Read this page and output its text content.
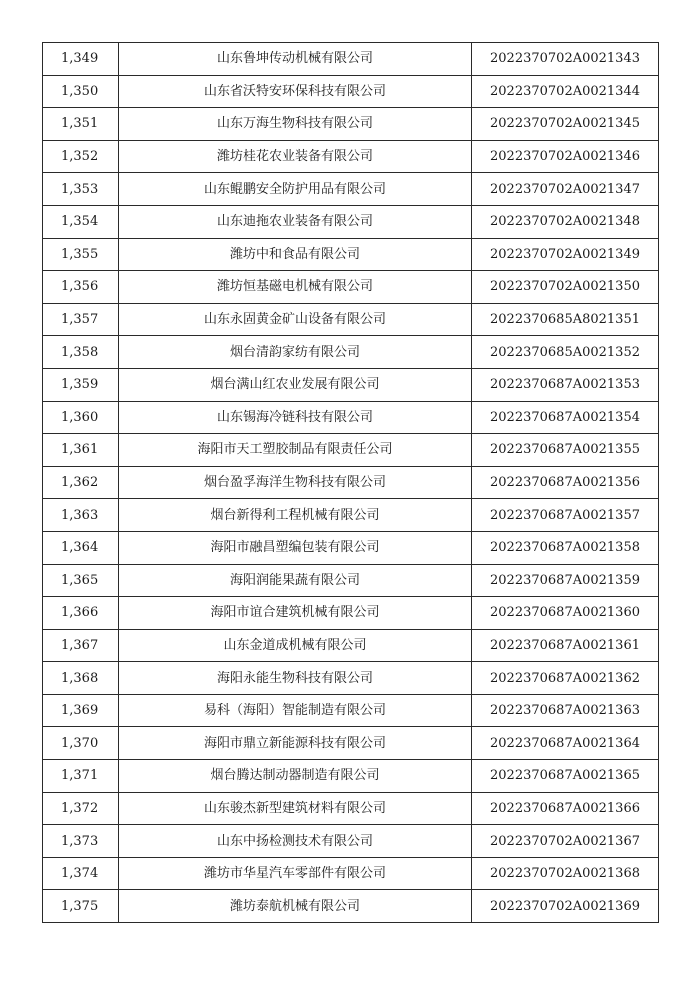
1,349	山东鲁坤传动机械有限公司	2022370702A0021343
1,350	山东省沃特安环保科技有限公司	2022370702A0021344
1,351	山东万海生物科技有限公司	2022370702A0021345
1,352	潍坊桂花农业装备有限公司	2022370702A0021346
1,353	山东鲲鹏安全防护用品有限公司	2022370702A0021347
1,354	山东迪拖农业装备有限公司	2022370702A0021348
1,355	潍坊中和食品有限公司	2022370702A0021349
1,356	潍坊恒基磁电机械有限公司	2022370702A0021350
1,357	山东永固黄金矿山设备有限公司	2022370685A8021351
1,358	烟台清韵家纺有限公司	2022370685A0021352
1,359	烟台满山红农业发展有限公司	2022370687A0021353
1,360	山东锡海冷链科技有限公司	2022370687A0021354
1,361	海阳市天工塑胶制品有限责任公司	2022370687A0021355
1,362	烟台盈孚海洋生物科技有限公司	2022370687A0021356
1,363	烟台新得利工程机械有限公司	2022370687A0021357
1,364	海阳市融昌塑编包装有限公司	2022370687A0021358
1,365	海阳润能果蔬有限公司	2022370687A0021359
1,366	海阳市谊合建筑机械有限公司	2022370687A0021360
1,367	山东金道成机械有限公司	2022370687A0021361
1,368	海阳永能生物科技有限公司	2022370687A0021362
1,369	易科（海阳）智能制造有限公司	2022370687A0021363
1,370	海阳市鼎立新能源科技有限公司	2022370687A0021364
1,371	烟台腾达制动器制造有限公司	2022370687A0021365
1,372	山东骏杰新型建筑材料有限公司	2022370687A0021366
1,373	山东中扬检测技术有限公司	2022370702A0021367
1,374	潍坊市华星汽车零部件有限公司	2022370702A0021368
1,375	潍坊泰航机械有限公司	2022370702A0021369
